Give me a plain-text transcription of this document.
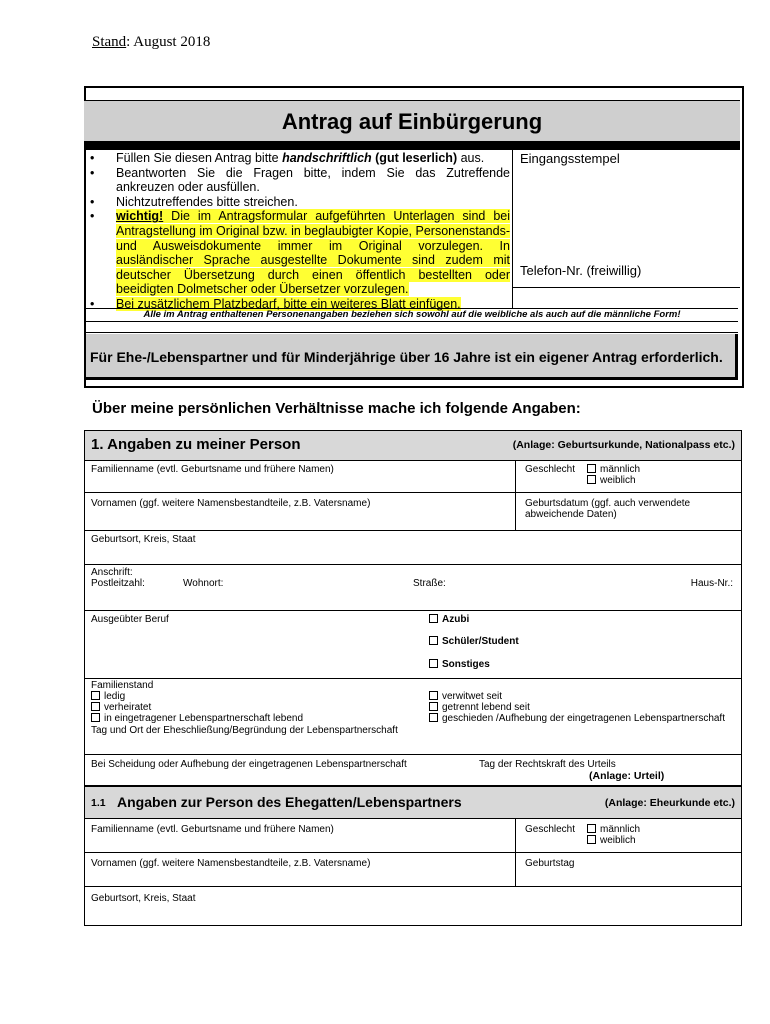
Stand: August 2018
Antrag auf Einbürgerung
• Füllen Sie diesen Antrag bitte handschriftlich (gut leserlich) aus.
• Beantworten Sie die Fragen bitte, indem Sie das Zutreffende ankreuzen oder ausfüllen.
• Nichtzutreffendes bitte streichen.
• wichtig! Die im Antragsformular aufgeführten Unterlagen sind bei Antragstellung im Original bzw. in beglaubigter Kopie, Personenstands- und Ausweisdokumente immer im Original vorzulegen. In ausländischer Sprache ausgestellte Dokumente sind zudem mit deutscher Übersetzung durch einen öffentlich bestellten oder beeidigten Dolmetscher oder Übersetzer vorzulegen.
• Bei zusätzlichem Platzbedarf, bitte ein weiteres Blatt einfügen.
Eingangsstempel
Telefon-Nr. (freiwillig)
Alle im Antrag enthaltenen Personenangaben beziehen sich sowohl auf die weibliche als auch auf die männliche Form!
Für Ehe-/Lebenspartner und für Minderjährige über 16 Jahre ist ein eigener Antrag erforderlich.
Über meine persönlichen Verhältnisse mache ich folgende Angaben:
1. Angaben zu meiner Person	(Anlage: Geburtsurkunde, Nationalpass etc.)
Familienname (evtl. Geburtsname und frühere Namen)	Geschlecht	männlich
weiblich
Vornamen (ggf. weitere Namensbestandteile, z.B. Vatersname)	Geburtsdatum (ggf. auch verwendete abweichende Daten)
Geburtsort, Kreis, Staat
Anschrift:
Postleitzahl:	Wohnort:	Straße:	Haus-Nr.:
Ausgeübter Beruf	Azubi
Schüler/Student
Sonstiges
Familienstand
ledig
verheiratet
in eingetragener Lebenspartnerschaft lebend
verwitwet seit
getrennt lebend seit
geschieden /Aufhebung der eingetragenen Lebenspartnerschaft
Tag und Ort der Eheschließung/Begründung der Lebenspartnerschaft
Bei Scheidung oder Aufhebung der eingetragenen Lebenspartnerschaft	Tag der Rechtskraft des Urteils
(Anlage: Urteil)
1.1 Angaben zur Person des Ehegatten/Lebenspartners	(Anlage: Eheurkunde etc.)
Familienname (evtl. Geburtsname und frühere Namen)	Geschlecht	männlich
weiblich
Vornamen (ggf. weitere Namensbestandteile, z.B. Vatersname)	Geburtstag
Geburtsort, Kreis, Staat
